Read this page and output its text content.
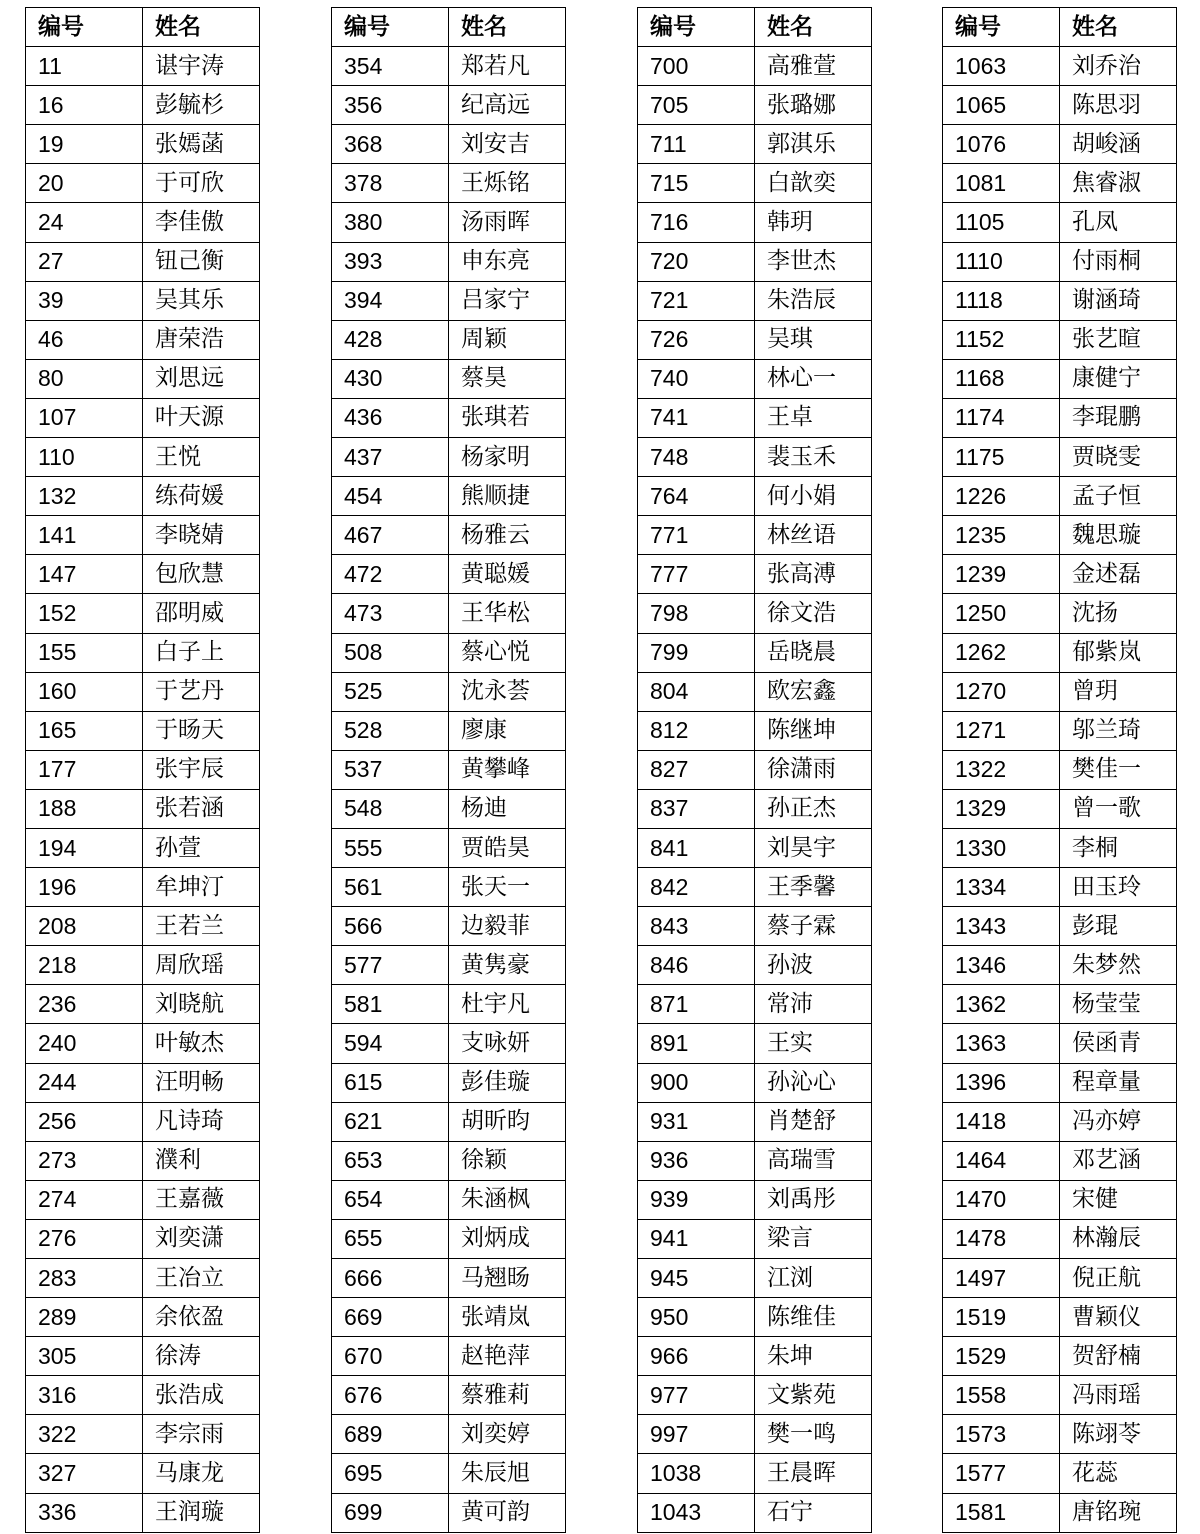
编号	姓名
11	谌宇涛
16	彭毓杉
19	张嫣菡
20	于可欣
24	李佳傲
27	钮己衡
39	吴其乐
46	唐荣浩
80	刘思远
107	叶天源
110	王悦
132	练荷媛
141	李晓婧
147	包欣慧
152	邵明威
155	白子上
160	于艺丹
165	于旸天
177	张宇辰
188	张若涵
194	孙萱
196	牟坤汀
208	王若兰
218	周欣瑶
236	刘晓航
240	叶敏杰
244	汪明畅
256	凡诗琦
273	濮利
274	王嘉薇
276	刘奕潇
283	王冶立
289	余依盈
305	徐涛
316	张浩成
322	李宗雨
327	马康龙
336	王润璇
编号	姓名
354	郑若凡
356	纪高远
368	刘安吉
378	王烁铭
380	汤雨晖
393	申东亮
394	吕家宁
428	周颖
430	蔡昊
436	张琪若
437	杨家明
454	熊顺捷
467	杨雅云
472	黄聪媛
473	王华松
508	蔡心悦
525	沈永荟
528	廖康
537	黄攀峰
548	杨迪
555	贾皓昊
561	张天一
566	边毅菲
577	黄隽豪
581	杜宇凡
594	支咏妍
615	彭佳璇
621	胡昕昀
653	徐颖
654	朱涵枫
655	刘炳成
666	马翘旸
669	张靖岚
670	赵艳萍
676	蔡雅莉
689	刘奕婷
695	朱辰旭
699	黄可韵
编号	姓名
700	高雅萱
705	张璐娜
711	郭淇乐
715	白歆奕
716	韩玥
720	李世杰
721	朱浩辰
726	吴琪
740	林心一
741	王卓
748	裴玉禾
764	何小娟
771	林丝语
777	张高溥
798	徐文浩
799	岳晓晨
804	欧宏鑫
812	陈继坤
827	徐潇雨
837	孙正杰
841	刘昊宇
842	王季馨
843	蔡子霖
846	孙波
871	常沛
891	王实
900	孙沁心
931	肖楚舒
936	高瑞雪
939	刘禹彤
941	梁言
945	江浏
950	陈维佳
966	朱坤
977	文紫苑
997	樊一鸣
1038	王晨晖
1043	石宁
编号	姓名
1063	刘乔治
1065	陈思羽
1076	胡峻涵
1081	焦睿淑
1105	孔凤
1110	付雨桐
1118	谢涵琦
1152	张艺暄
1168	康健宁
1174	李琨鹏
1175	贾晓雯
1226	孟子恒
1235	魏思璇
1239	金述磊
1250	沈扬
1262	郁紫岚
1270	曾玥
1271	邬兰琦
1322	樊佳一
1329	曾一歌
1330	李桐
1334	田玉玲
1343	彭琨
1346	朱梦然
1362	杨莹莹
1363	侯函青
1396	程章量
1418	冯亦婷
1464	邓艺涵
1470	宋健
1478	林瀚辰
1497	倪正航
1519	曹颖仪
1529	贺舒楠
1558	冯雨瑶
1573	陈翊苓
1577	花蕊
1581	唐铭琬
